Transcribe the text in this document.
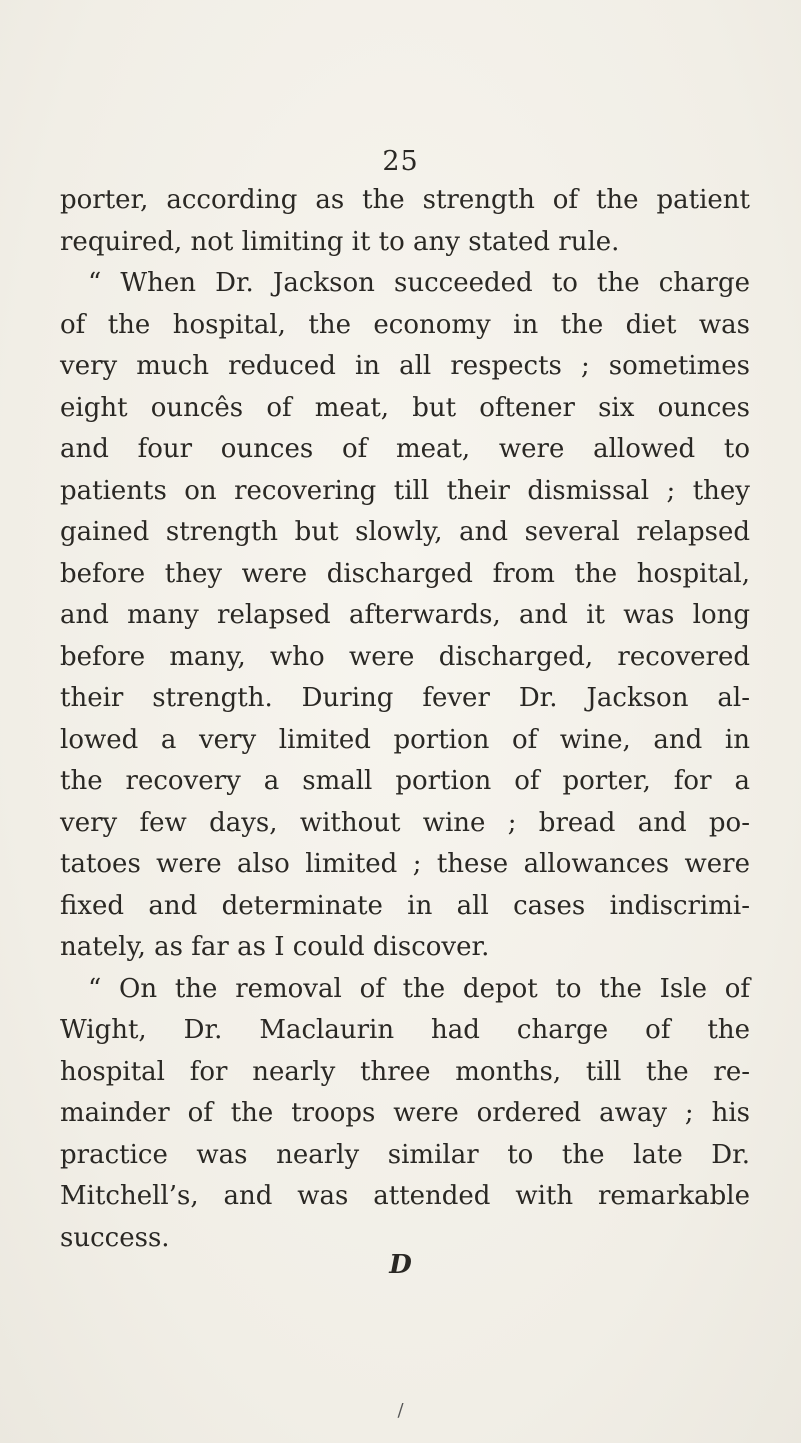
25
porter, according as the strength of the patient
required, not limiting it to any stated rule.
“ When Dr. Jackson succeeded to the charge
of the hospital, the economy in the diet was
very much reduced in all respects ; sometimes
eight ouncês of meat, but oftener six ounces
and four ounces of meat, were allowed to
patients on recovering till their dismissal ; they
gained strength but slowly, and several relapsed
before they were discharged from the hospital,
and many relapsed afterwards, and it was long
before many, who were discharged, recovered
their strength. During fever Dr. Jackson al-
lowed a very limited portion of wine, and in
the recovery a small portion of porter, for a
very few days, without wine ; bread and po-
tatoes were also limited ; these allowances were
fixed and determinate in all cases indiscrimi-
nately, as far as I could discover.
“ On the removal of the depot to the Isle of
Wight, Dr. Maclaurin had charge of the
hospital for nearly three months, till the re-
mainder of the troops were ordered away ; his
practice was nearly similar to the late Dr.
Mitchell’s, and was attended with remarkable
success.
D
/
